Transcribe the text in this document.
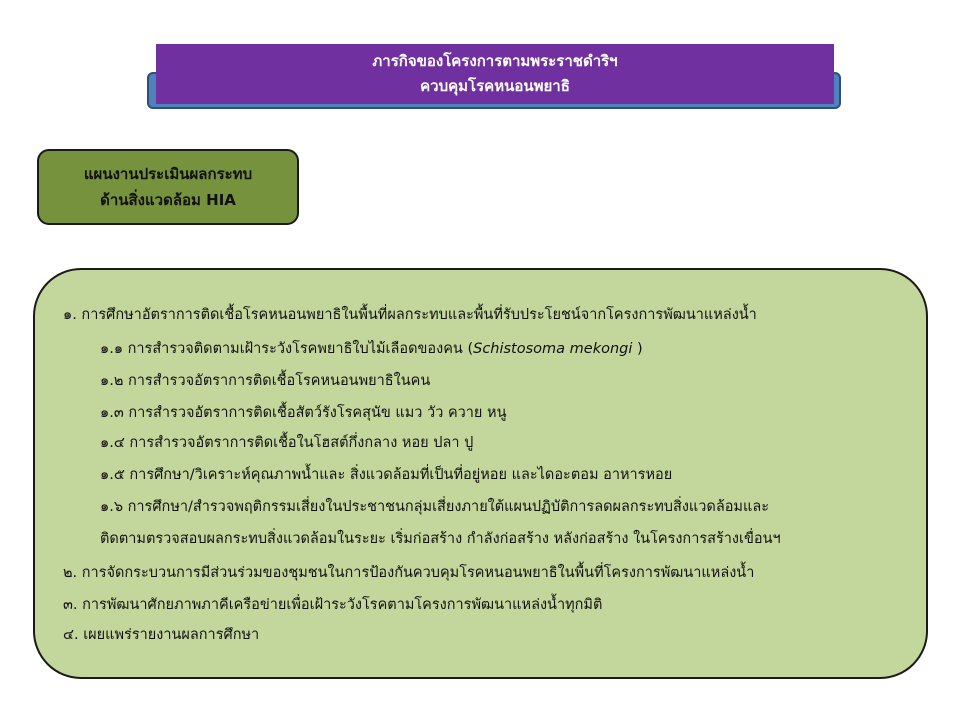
ภารกิจของโครงการตามพระราชดำริฯ
ควบคุมโรคหนอนพยาธิ
แผนงานประเมินผลกระทบ
ด้านสิ่งแวดล้อม HIA
๑. การศึกษาอัตราการติดเชื้อโรคหนอนพยาธิในพื้นที่ผลกระทบและพื้นที่รับประโยชน์จากโครงการพัฒนาแหล่งน้ำ
๑.๑ การสำรวจติดตามเฝ้าระวังโรคพยาธิใบไม้เลือดของคน (Schistosoma mekongi )
๑.๒ การสำรวจอัตราการติดเชื้อโรคหนอนพยาธิในคน
๑.๓ การสำรวจอัตราการติดเชื้อสัตว์รังโรคสุนัข แมว วัว ควาย หนู
๑.๔ การสำรวจอัตราการติดเชื้อในโฮสต์กึ่งกลาง หอย ปลา ปู
๑.๕ การศึกษา/วิเคราะห์คุณภาพน้ำและ สิ่งแวดล้อมที่เป็นที่อยู่หอย และไดอะตอม อาหารหอย
๑.๖ การศึกษา/สำรวจพฤติกรรมเสี่ยงในประชาชนกลุ่มเสี่ยงภายใต้แผนปฏิบัติการลดผลกระทบสิ่งแวดล้อมและ
ติดตามตรวจสอบผลกระทบสิ่งแวดล้อมในระยะ เริ่มก่อสร้าง กำลังก่อสร้าง หลังก่อสร้าง ในโครงการสร้างเขื่อนฯ
๒. การจัดกระบวนการมีส่วนร่วมของชุมชนในการป้องกันควบคุมโรคหนอนพยาธิในพื้นที่โครงการพัฒนาแหล่งน้ำ
๓. การพัฒนาศักยภาพภาคีเครือข่ายเพื่อเฝ้าระวังโรคตามโครงการพัฒนาแหล่งน้ำทุกมิติ
๔. เผยแพร่รายงานผลการศึกษา
